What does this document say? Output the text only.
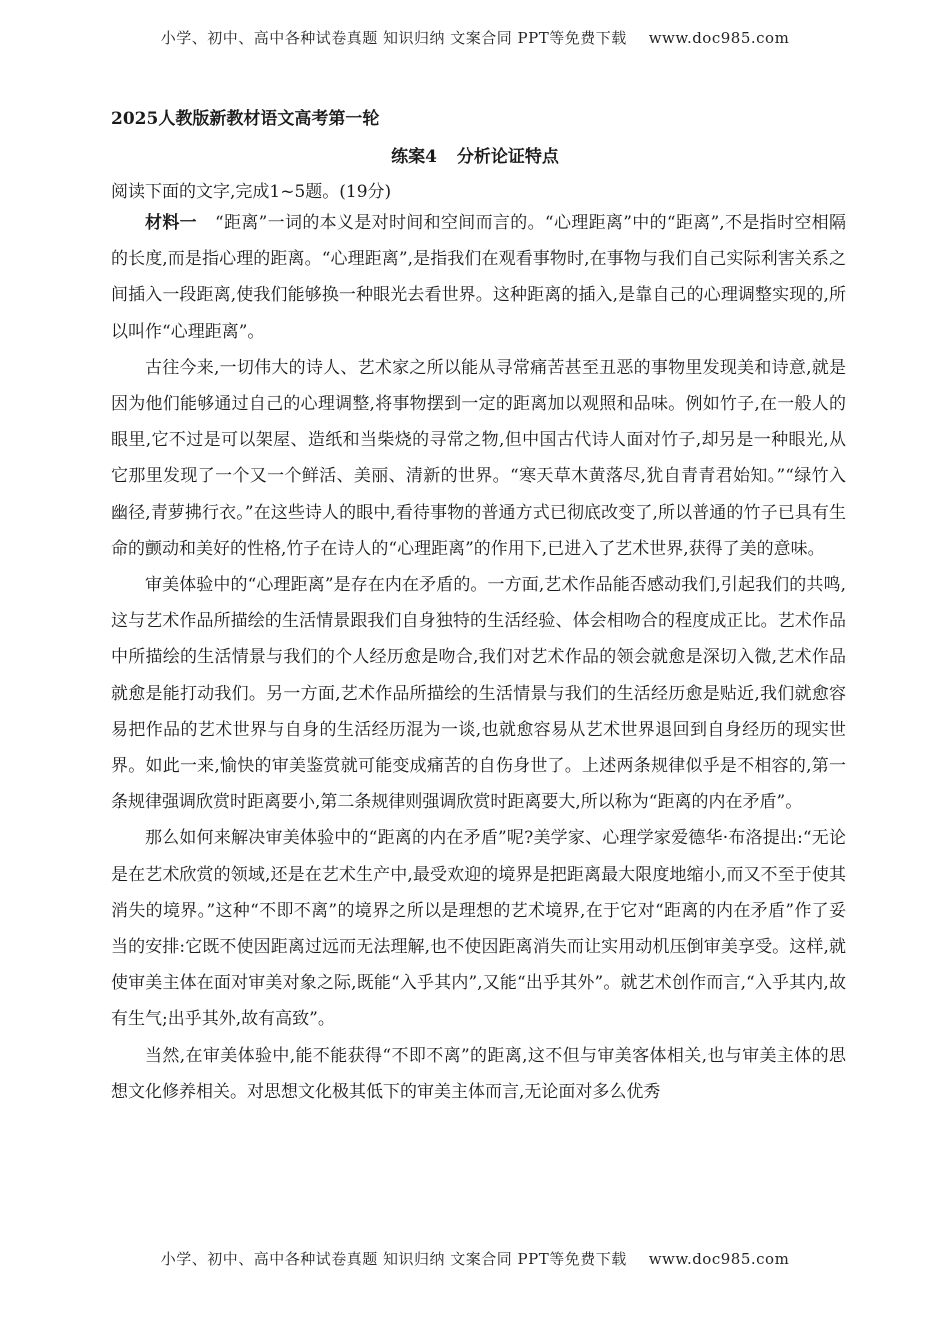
小学、初中、高中各种试卷真题 知识归纳 文案合同 PPT等免费下载 www.doc985.com
2025人教版新教材语文高考第一轮
练案4 分析论证特点
阅读下面的文字,完成1~5题。(19分)

材料一 “距离”一词的本义是对时间和空间而言的。“心理距离”中的“距离”,不是指时空相隔的长度,而是指心理的距离。“心理距离”,是指我们在观看事物时,在事物与我们自己实际利害关系之间插入一段距离,使我们能够换一种眼光去看世界。这种距离的插入,是靠自己的心理调整实现的,所以叫作“心理距离”。

古往今来,一切伟大的诗人、艺术家之所以能从寻常痛苦甚至丑恶的事物里发现美和诗意,就是因为他们能够通过自己的心理调整,将事物摆到一定的距离加以观照和品味。例如竹子,在一般人的眼里,它不过是可以架屋、造纸和当柴烧的寻常之物,但中国古代诗人面对竹子,却另是一种眼光,从它那里发现了一个又一个鲜活、美丽、清新的世界。“寒天草木黄落尽,犹自青青君始知。”“绿竹入幽径,青萝拂行衣。”在这些诗人的眼中,看待事物的普通方式已彻底改变了,所以普通的竹子已具有生命的颤动和美好的性格,竹子在诗人的“心理距离”的作用下,已进入了艺术世界,获得了美的意味。

审美体验中的“心理距离”是存在内在矛盾的。一方面,艺术作品能否感动我们,引起我们的共鸣,这与艺术作品所描绘的生活情景跟我们自身独特的生活经验、体会相吻合的程度成正比。艺术作品中所描绘的生活情景与我们的个人经历愈是吻合,我们对艺术作品的领会就愈是深切入微,艺术作品就愈是能打动我们。另一方面,艺术作品所描绘的生活情景与我们的生活经历愈是贴近,我们就愈容易把作品的艺术世界与自身的生活经历混为一谈,也就愈容易从艺术世界退回到自身经历的现实世界。如此一来,愉快的审美鉴赏就可能变成痛苦的自伤身世了。上述两条规律似乎是不相容的,第一条规律强调欣赏时距离要小,第二条规律则强调欣赏时距离要大,所以称为“距离的内在矛盾”。

那么如何来解决审美体验中的“距离的内在矛盾”呢?美学家、心理学家爱德华·布洛提出:“无论是在艺术欣赏的领域,还是在艺术生产中,最受欢迎的境界是把距离最大限度地缩小,而又不至于使其消失的境界。”这种“不即不离”的境界之所以是理想的艺术境界,在于它对“距离的内在矛盾”作了妥当的安排:它既不使因距离过远而无法理解,也不使因距离消失而让实用动机压倒审美享受。这样,就使审美主体在面对审美对象之际,既能“入乎其内”,又能“出乎其外”。就艺术创作而言,“入乎其内,故有生气;出乎其外,故有高致”。

当然,在审美体验中,能不能获得“不即不离”的距离,这不但与审美客体相关,也与审美主体的思想文化修养相关。对思想文化极其低下的审美主体而言,无论面对多么优秀

小学、初中、高中各种试卷真题 知识归纳 文案合同 PPT等免费下载 www.doc985.com
